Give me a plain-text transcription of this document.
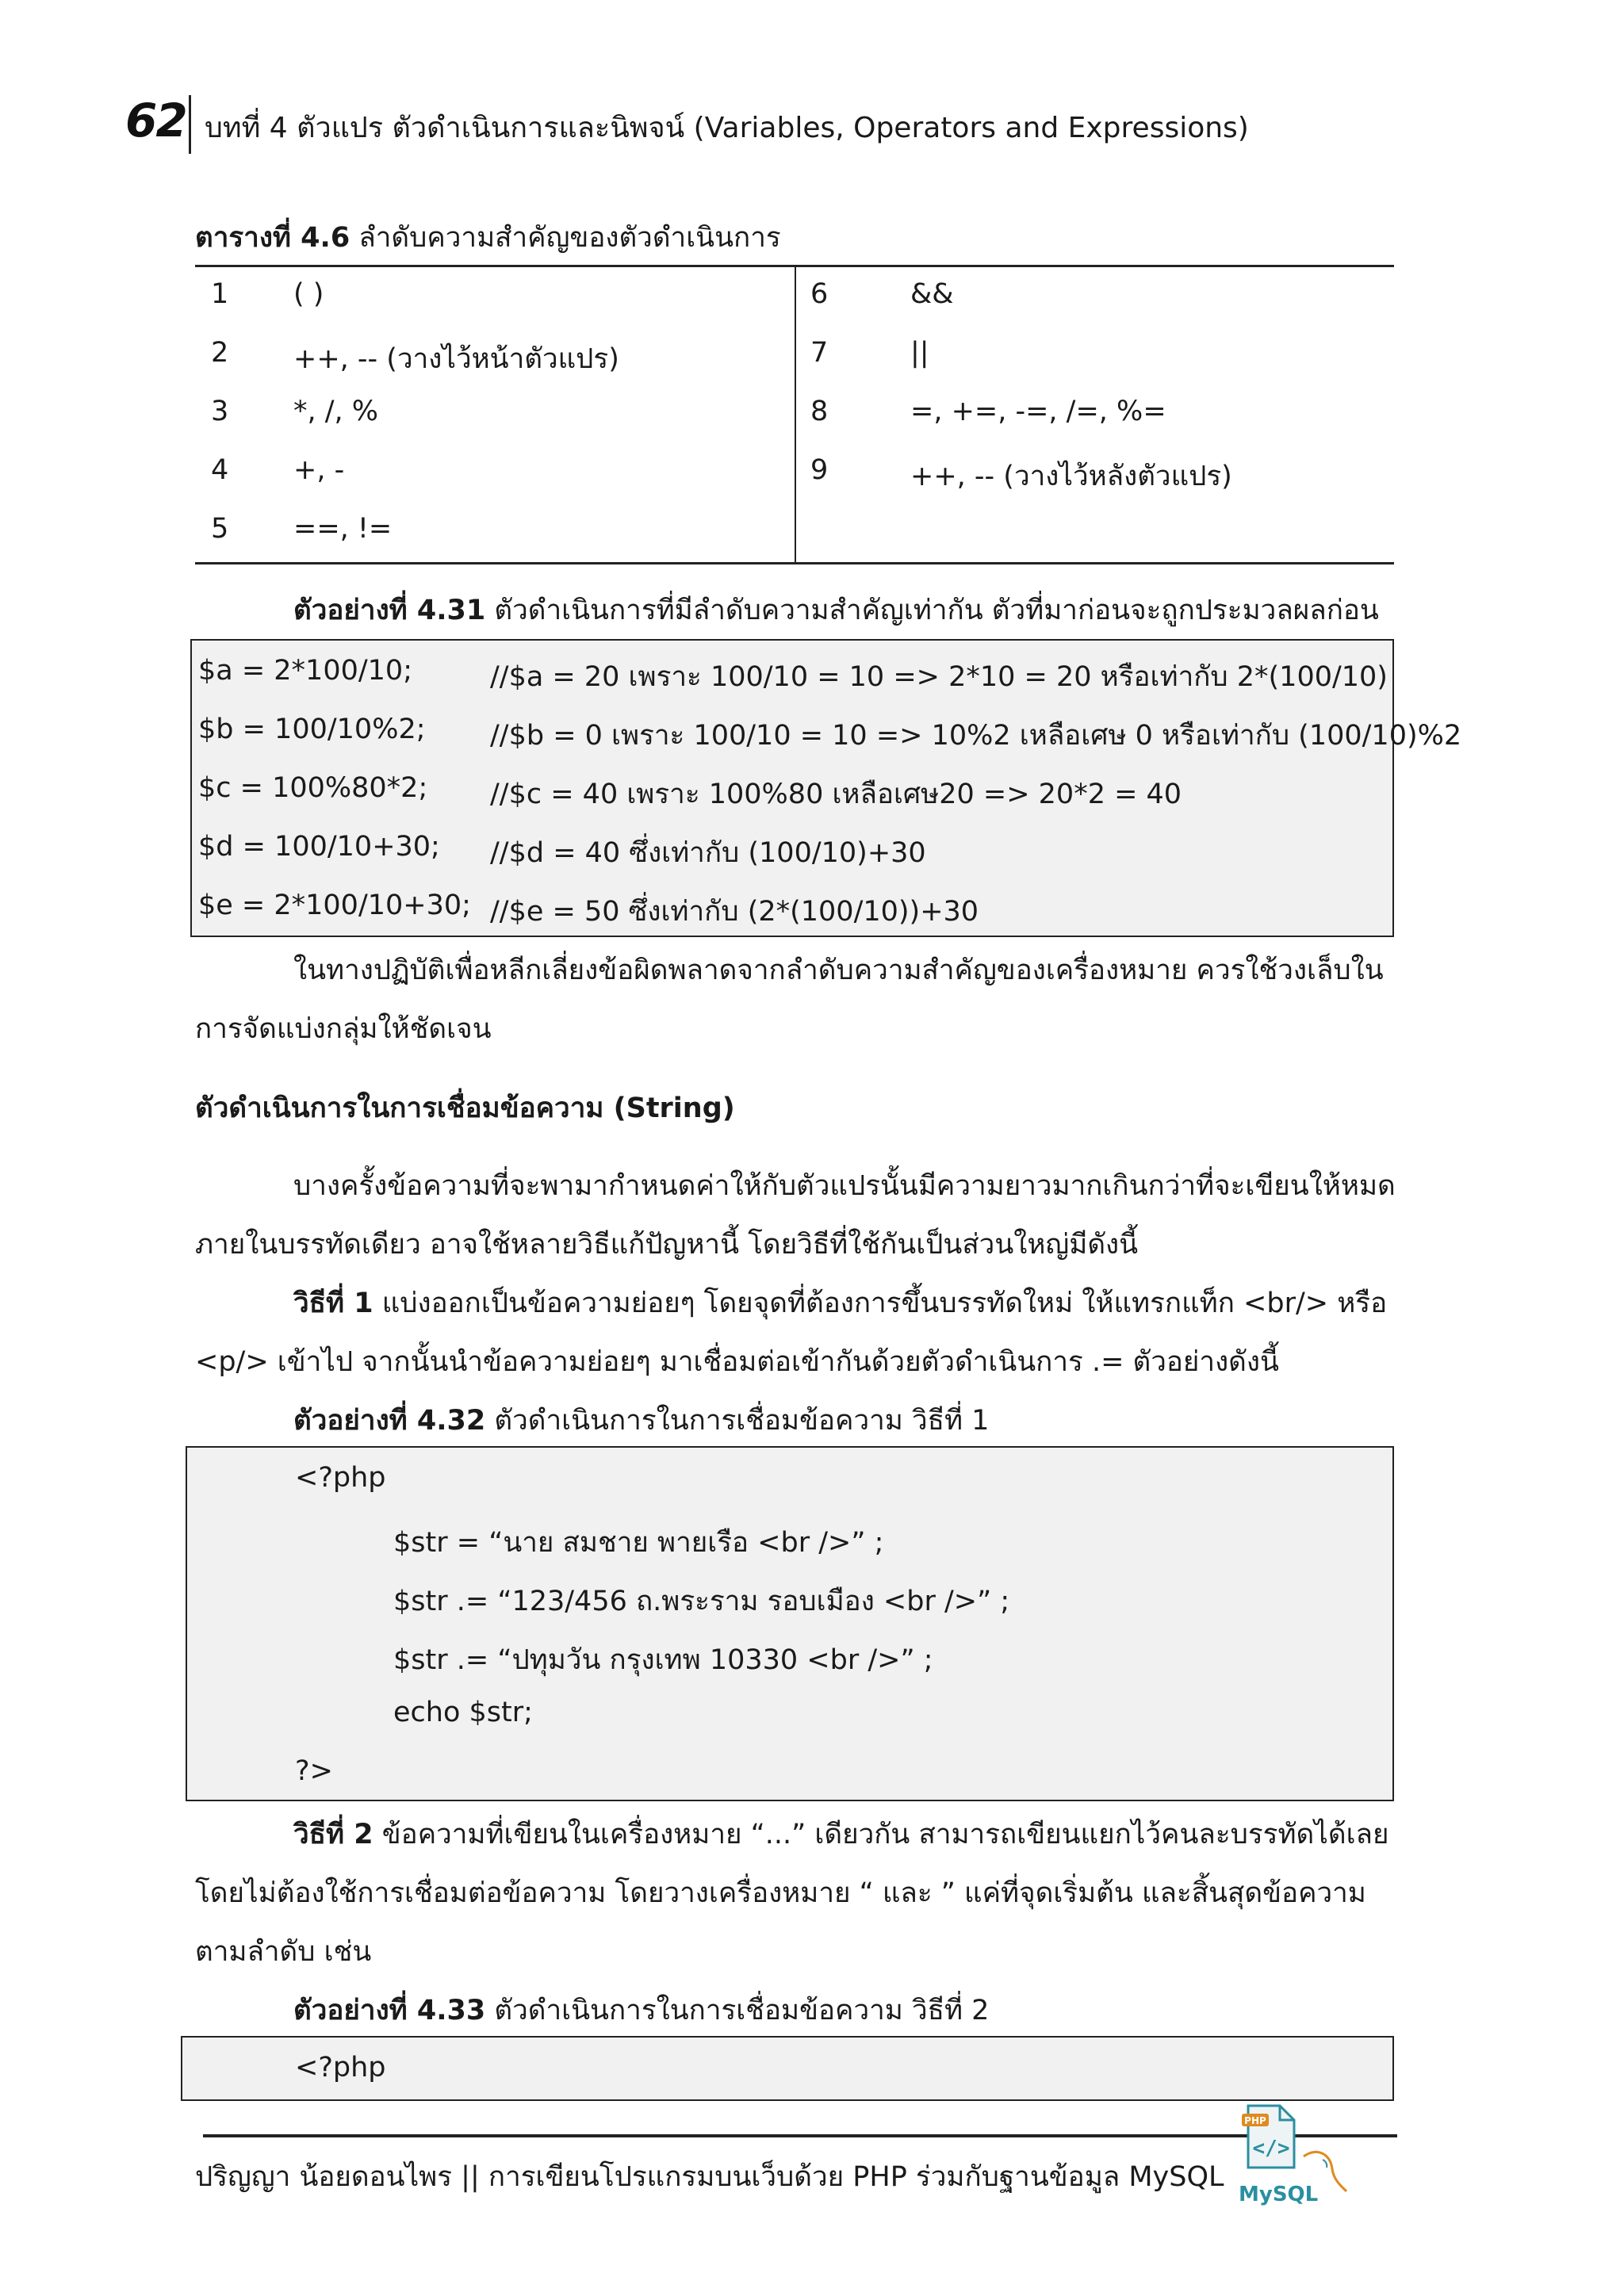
62 บทที่ 4 ตัวแปร ตัวดำเนินการและนิพจน์ (Variables, Operators and Expressions)
ตารางที่ 4.6 ลำดับความสำคัญของตัวดำเนินการ
1 ( )
2 ++, -- (วางไว้หน้าตัวแปร)
3 *, /, %
4 +, -
5 ==, !=
6	&&
7	||
8	=, +=, -=, /=, %=
9	++, -- (วางไว้หลังตัวแปร)
ตัวอย่างที่ 4.31 ตัวดำเนินการที่มีลำดับความสำคัญเท่ากัน ตัวที่มาก่อนจะถูกประมวลผลก่อน
$a = 2*100/10;	//$a = 20 เพราะ 100/10 = 10 => 2*10 = 20 หรือเท่ากับ 2*(100/10)
$b = 100/10%2; //$b = 0 เพราะ 100/10 = 10 => 10%2 เหลือเศษ 0 หรือเท่ากับ (100/10)%2
$c = 100%80*2; //$c = 40 เพราะ 100%80 เหลือเศษ20 => 20*2 = 40
$d = 100/10+30; //$d = 40 ซึ่งเท่ากับ (100/10)+30
$e = 2*100/10+30; //$e = 50 ซึ่งเท่ากับ (2*(100/10))+30
ในทางปฏิบัติเพื่อหลีกเลี่ยงข้อผิดพลาดจากลำดับความสำคัญของเครื่องหมาย ควรใช้วงเล็บใน
การจัดแบ่งกลุ่มให้ชัดเจน
ตัวดำเนินการในการเชื่อมข้อความ (String)
บางครั้งข้อความที่จะพามากำหนดค่าให้กับตัวแปรนั้นมีความยาวมากเกินกว่าที่จะเขียนให้หมด
ภายในบรรทัดเดียว อาจใช้หลายวิธีแก้ปัญหานี้ โดยวิธีที่ใช้กันเป็นส่วนใหญ่มีดังนี้
วิธีที่ 1 แบ่งออกเป็นข้อความย่อยๆ โดยจุดที่ต้องการขึ้นบรรทัดใหม่ ให้แทรกแท็ก <br/> หรือ
<p/> เข้าไป จากนั้นนำข้อความย่อยๆ มาเชื่อมต่อเข้ากันด้วยตัวดำเนินการ .= ตัวอย่างดังนี้
ตัวอย่างที่ 4.32 ตัวดำเนินการในการเชื่อมข้อความ วิธีที่ 1
<?php
$str = “นาย สมชาย พายเรือ <br />” ;
$str .= “123/456 ถ.พระราม รอบเมือง <br />” ;
$str .= “ปทุมวัน กรุงเทพ 10330 <br />” ;
echo $str;
?>
วิธีที่ 2 ข้อความที่เขียนในเครื่องหมาย “...” เดียวกัน สามารถเขียนแยกไว้คนละบรรทัดได้เลย
โดยไม่ต้องใช้การเชื่อมต่อข้อความ โดยวางเครื่องหมาย “ และ ” แค่ที่จุดเริ่มต้น และสิ้นสุดข้อความ
ตามลำดับ เช่น
ตัวอย่างที่ 4.33 ตัวดำเนินการในการเชื่อมข้อความ วิธีที่ 2
<?php
ปริญญา น้อยดอนไพร || การเขียนโปรแกรมบนเว็บด้วย PHP ร่วมกับฐานข้อมูล MySQL
PHP
</>
MySQL
